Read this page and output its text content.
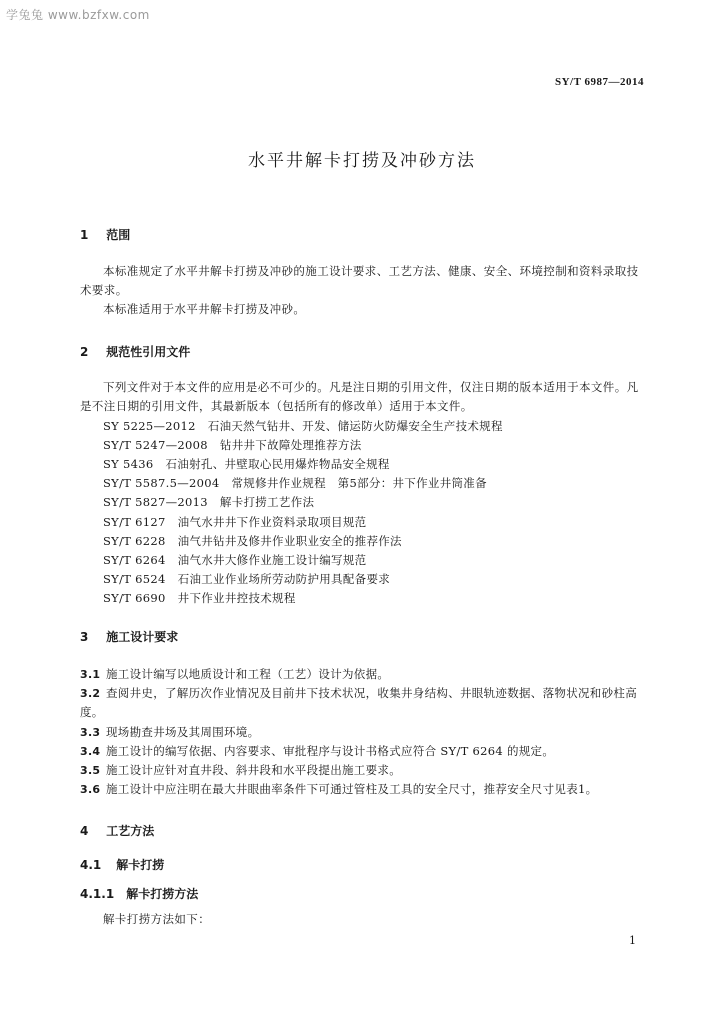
学兔兔 www.bzfxw.com
SY/T 6987—2014
水平井解卡打捞及冲砂方法
1 范围
本标准规定了水平井解卡打捞及冲砂的施工设计要求、工艺方法、健康、安全、环境控制和资料录取技术要求。
本标准适用于水平井解卡打捞及冲砂。
2 规范性引用文件
下列文件对于本文件的应用是必不可少的。凡是注日期的引用文件，仅注日期的版本适用于本文件。凡是不注日期的引用文件，其最新版本（包括所有的修改单）适用于本文件。
SY 5225—2012 石油天然气钻井、开发、储运防火防爆安全生产技术规程
SY/T 5247—2008 钻井井下故障处理推荐方法
SY 5436 石油射孔、井壁取心民用爆炸物品安全规程
SY/T 5587.5—2004 常规修井作业规程　第5部分：井下作业井筒准备
SY/T 5827—2013 解卡打捞工艺作法
SY/T 6127 油气水井井下作业资料录取项目规范
SY/T 6228 油气井钻井及修井作业职业安全的推荐作法
SY/T 6264 油气水井大修作业施工设计编写规范
SY/T 6524 石油工业作业场所劳动防护用具配备要求
SY/T 6690 井下作业井控技术规程
3 施工设计要求
3.1 施工设计编写以地质设计和工程（工艺）设计为依据。
3.2 查阅井史，了解历次作业情况及目前井下技术状况，收集井身结构、井眼轨迹数据、落物状况和砂柱高度。
3.3 现场勘查井场及其周围环境。
3.4 施工设计的编写依据、内容要求、审批程序与设计书格式应符合 SY/T 6264 的规定。
3.5 施工设计应针对直井段、斜井段和水平段提出施工要求。
3.6 施工设计中应注明在最大井眼曲率条件下可通过管柱及工具的安全尺寸，推荐安全尺寸见表1。
4 工艺方法
4.1 解卡打捞
4.1.1 解卡打捞方法
解卡打捞方法如下：
1
